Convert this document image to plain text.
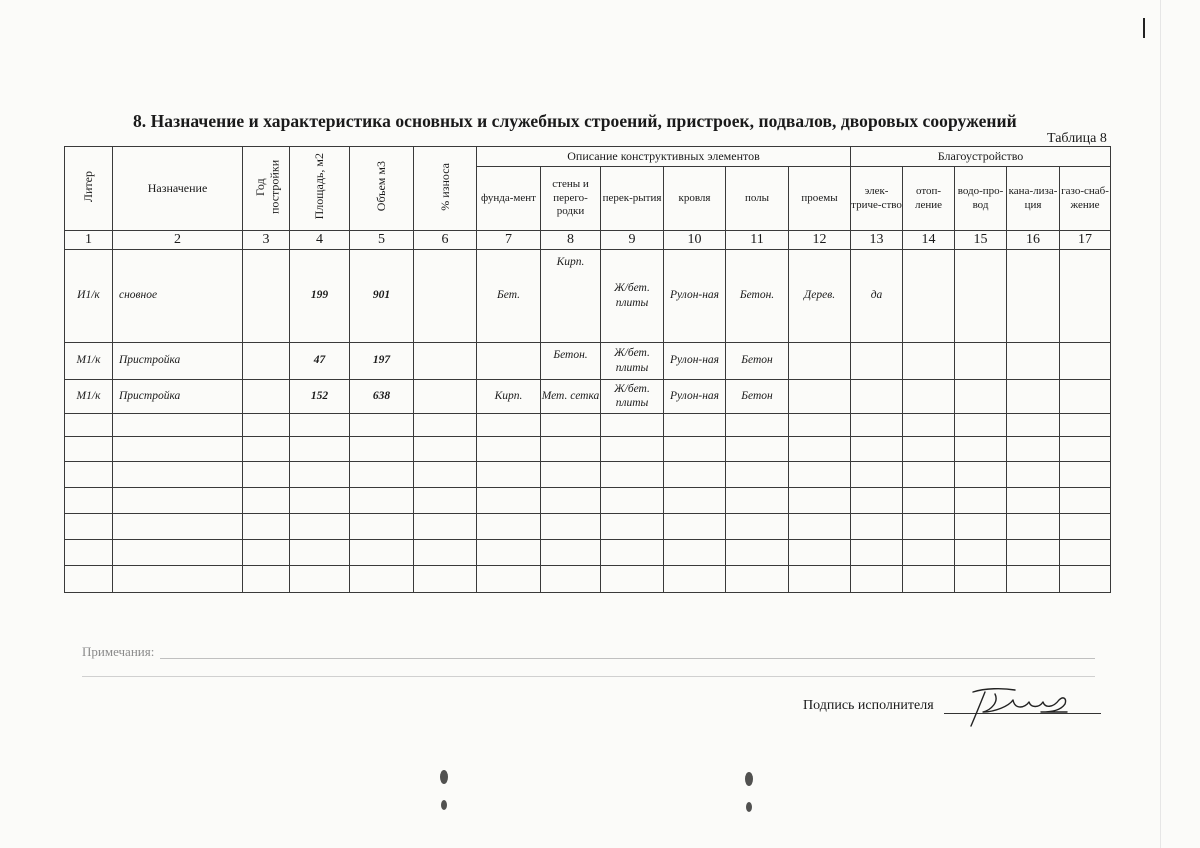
8. Назначение и характеристика основных и служебных строений, пристроек, подвалов, дворовых сооружений
Таблица 8
Литер	Назначение	Год постройки	Площадь, м2	Объем м3	% износа	Описание конструктивных элементов						Благоустройство				
						фунда-мент	стены и перего-родки	перек-рытия	кровля	полы	проемы	элек-триче-ство	отоп-ление	водо-про-вод	кана-лиза-ция	газо-снаб-жение
1	2	3	4	5	6	7	8	9	10	11	12	13	14	15	16	17
И1/к	сновное		199	901		Бет.	Кирп.	Ж/бет. плиты	Рулон-ная	Бетон.	Дерев.	да				
М1/к	Пристройка		47	197			Бетон.	Ж/бет. плиты	Рулон-ная	Бетон						
М1/к	Пристройка		152	638		Кирп.	Мет. сетка	Ж/бет. плиты	Рулон-ная	Бетон						

Примечания:
Подпись исполнителя
